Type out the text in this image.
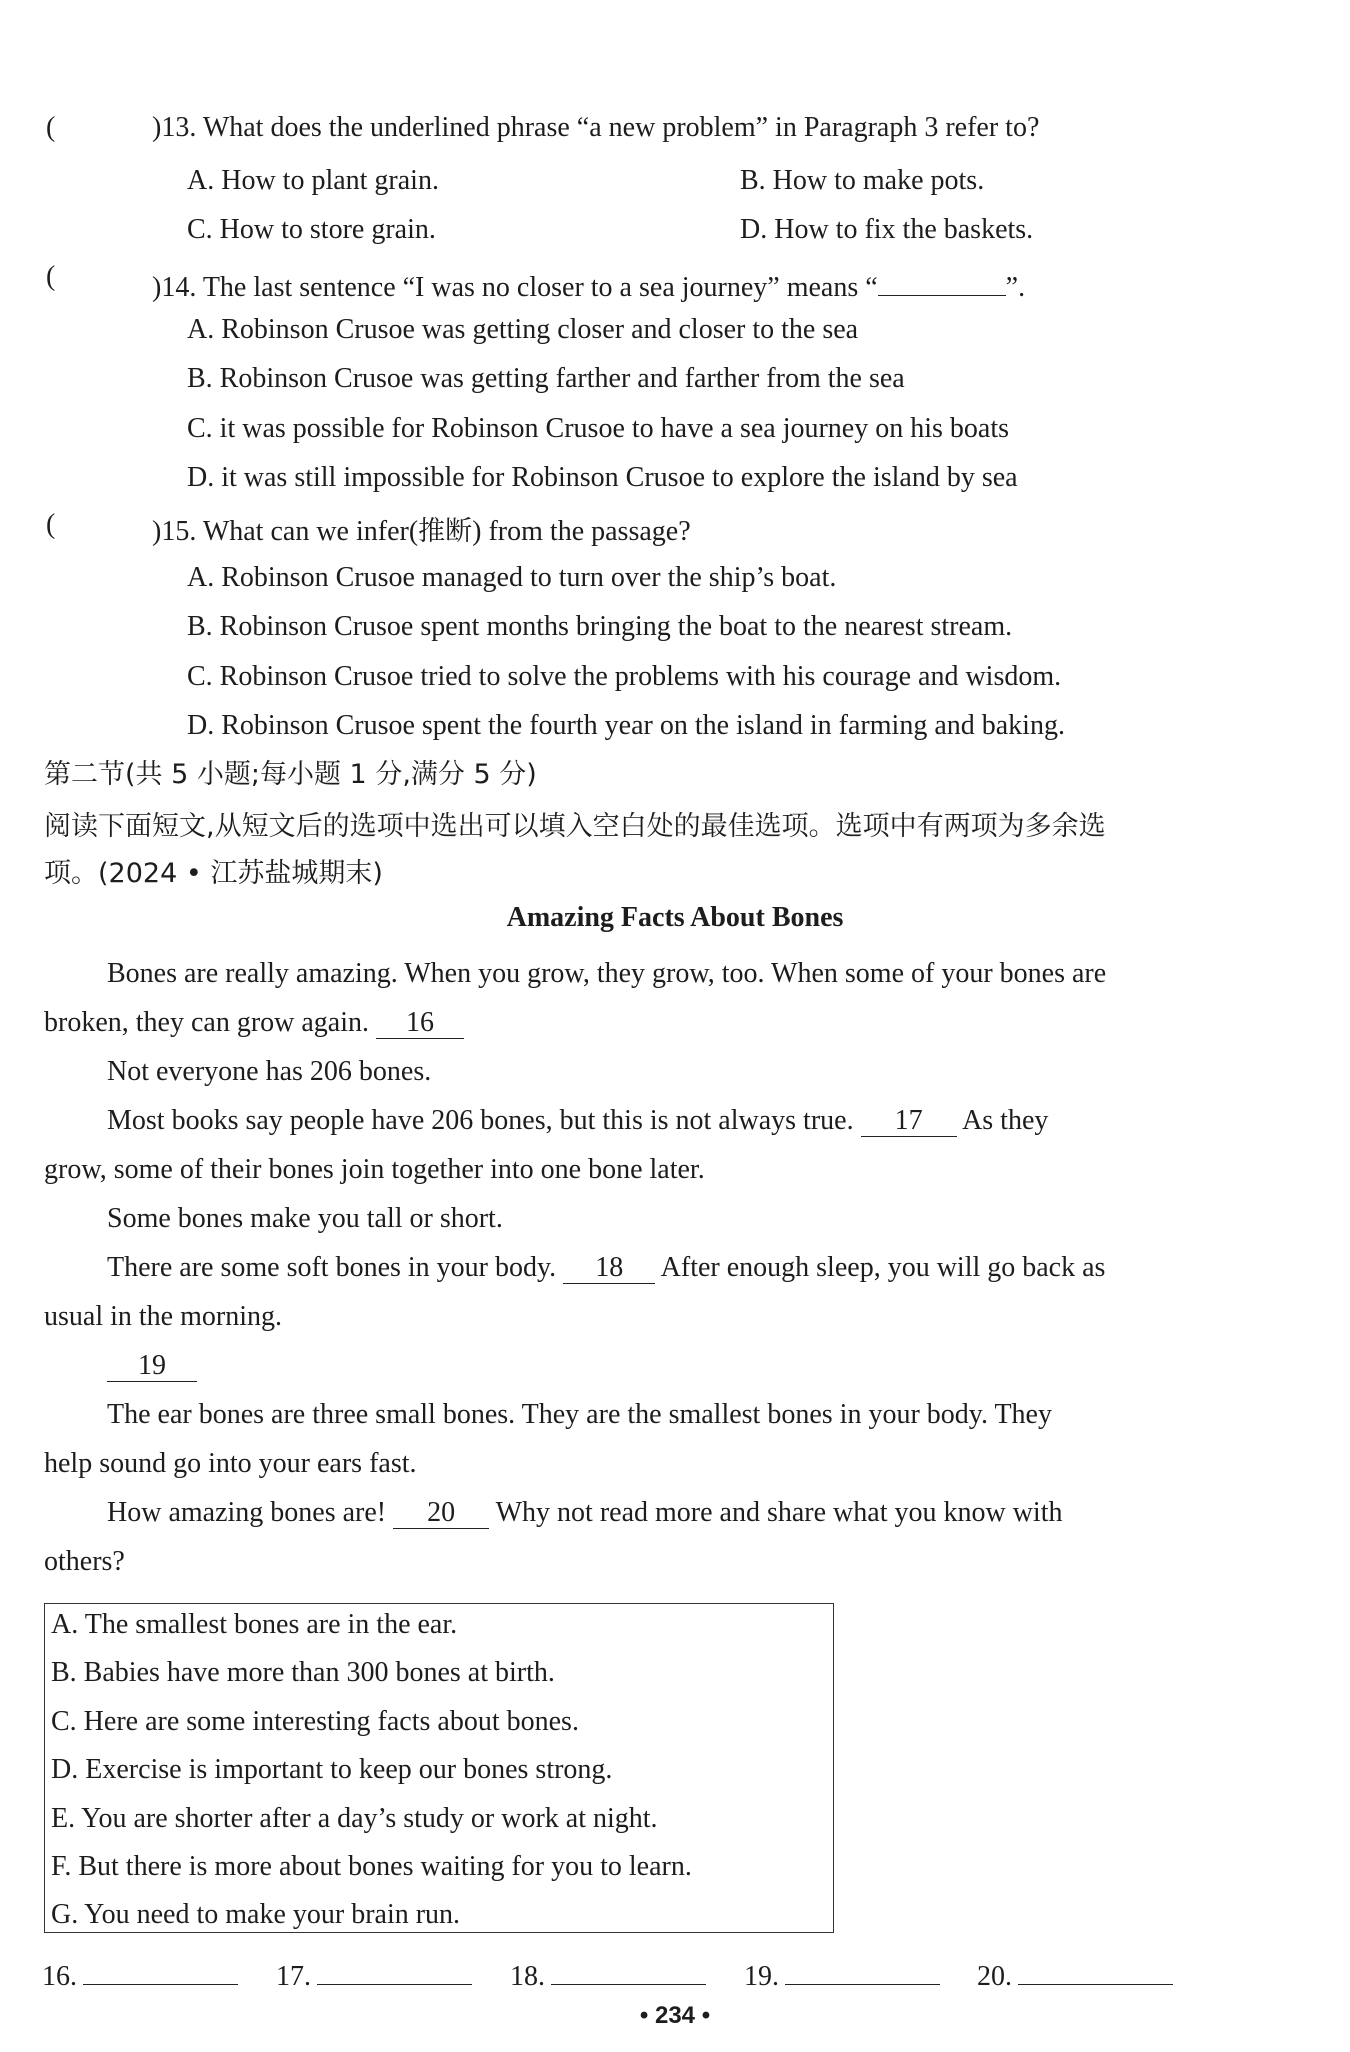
(	)13. What does the underlined phrase “a new problem” in Paragraph 3 refer to?
A. How to plant grain.	B. How to make pots.
C. How to store grain.	D. How to fix the baskets.
(	)14. The last sentence “I was no closer to a sea journey” means “	”.
A. Robinson Crusoe was getting closer and closer to the sea
B. Robinson Crusoe was getting farther and farther from the sea
C. it was possible for Robinson Crusoe to have a sea journey on his boats
D. it was still impossible for Robinson Crusoe to explore the island by sea
(	)15. What can we infer(推断) from the passage?
A. Robinson Crusoe managed to turn over the ship’s boat.
B. Robinson Crusoe spent months bringing the boat to the nearest stream.
C. Robinson Crusoe tried to solve the problems with his courage and wisdom.
D. Robinson Crusoe spent the fourth year on the island in farming and baking.
第二节(共 5 小题;每小题 1 分,满分 5 分)
阅读下面短文,从短文后的选项中选出可以填入空白处的最佳选项。选项中有两项为多余选
项。(2024 • 江苏盐城期末)
Amazing Facts About Bones
Bones are really amazing. When you grow, they grow, too. When some of your bones are
broken, they can grow again. 16
Not everyone has 206 bones.
Most books say people have 206 bones, but this is not always true. 17 As they
grow, some of their bones join together into one bone later.
Some bones make you tall or short.
There are some soft bones in your body. 18 After enough sleep, you will go back as
usual in the morning.
19
The ear bones are three small bones. They are the smallest bones in your body. They
help sound go into your ears fast.
How amazing bones are! 20 Why not read more and share what you know with
others?
A. The smallest bones are in the ear.
B. Babies have more than 300 bones at birth.
C. Here are some interesting facts about bones.
D. Exercise is important to keep our bones strong.
E. You are shorter after a day’s study or work at night.
F. But there is more about bones waiting for you to learn.
G. You need to make your brain run.
16.	17.	18.	19.	20.
• 234 •
